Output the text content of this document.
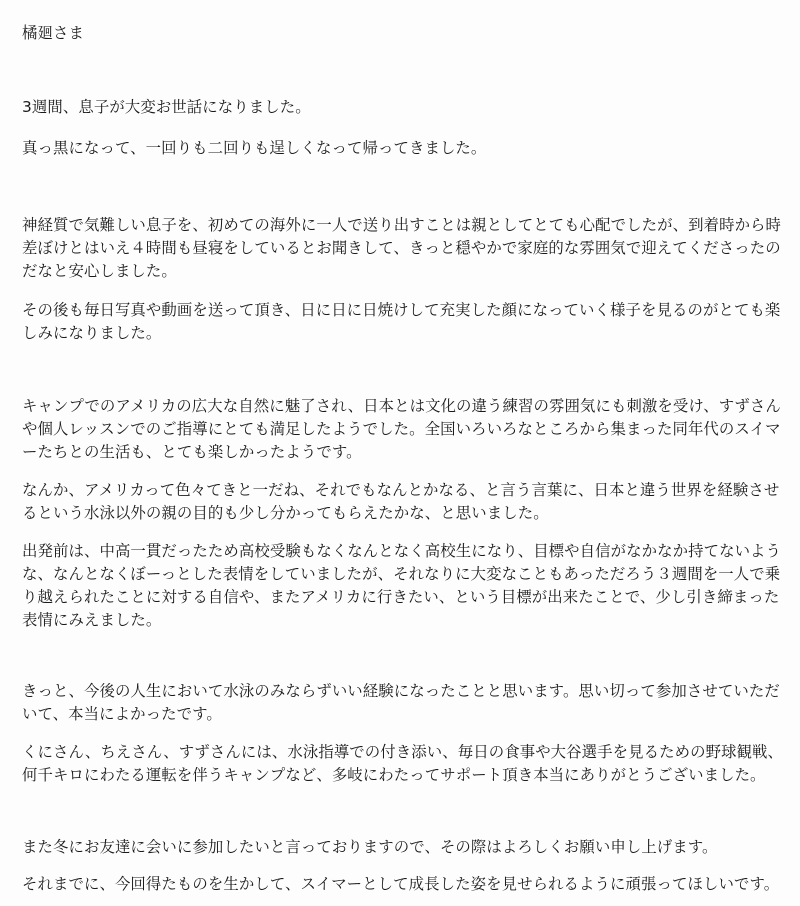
橘廻さま
3週間、息子が大変お世話になりました。
真っ黒になって、一回りも二回りも逞しくなって帰ってきました。
神経質で気難しい息子を、初めての海外に一人で送り出すことは親としてとても心配でしたが、到着時から時
差ぼけとはいえ４時間も昼寝をしているとお聞きして、きっと穏やかで家庭的な雰囲気で迎えてくださったの
だなと安心しました。
その後も毎日写真や動画を送って頂き、日に日に日焼けして充実した顔になっていく様子を見るのがとても楽
しみになりました。
キャンプでのアメリカの広大な自然に魅了され、日本とは文化の違う練習の雰囲気にも刺激を受け、すずさん
や個人レッスンでのご指導にとても満足したようでした。全国いろいろなところから集まった同年代のスイマ
ーたちとの生活も、とても楽しかったようです。
なんか、アメリカって色々てきと一だね、それでもなんとかなる、と言う言葉に、日本と違う世界を経験させ
るという水泳以外の親の目的も少し分かってもらえたかな、と思いました。
出発前は、中高一貫だったため高校受験もなくなんとなく高校生になり、目標や自信がなかなか持てないよう
な、なんとなくぼーっとした表情をしていましたが、それなりに大変なこともあっただろう３週間を一人で乗
り越えられたことに対する自信や、またアメリカに行きたい、という目標が出来たことで、少し引き締まった
表情にみえました。
きっと、今後の人生において水泳のみならずいい経験になったことと思います。思い切って参加させていただ
いて、本当によかったです。
くにさん、ちえさん、すずさんには、水泳指導での付き添い、毎日の食事や大谷選手を見るための野球観戦、
何千キロにわたる運転を伴うキャンプなど、多岐にわたってサポート頂き本当にありがとうございました。
また冬にお友達に会いに参加したいと言っておりますので、その際はよろしくお願い申し上げます。
それまでに、今回得たものを生かして、スイマーとして成長した姿を見せられるように頑張ってほしいです。
